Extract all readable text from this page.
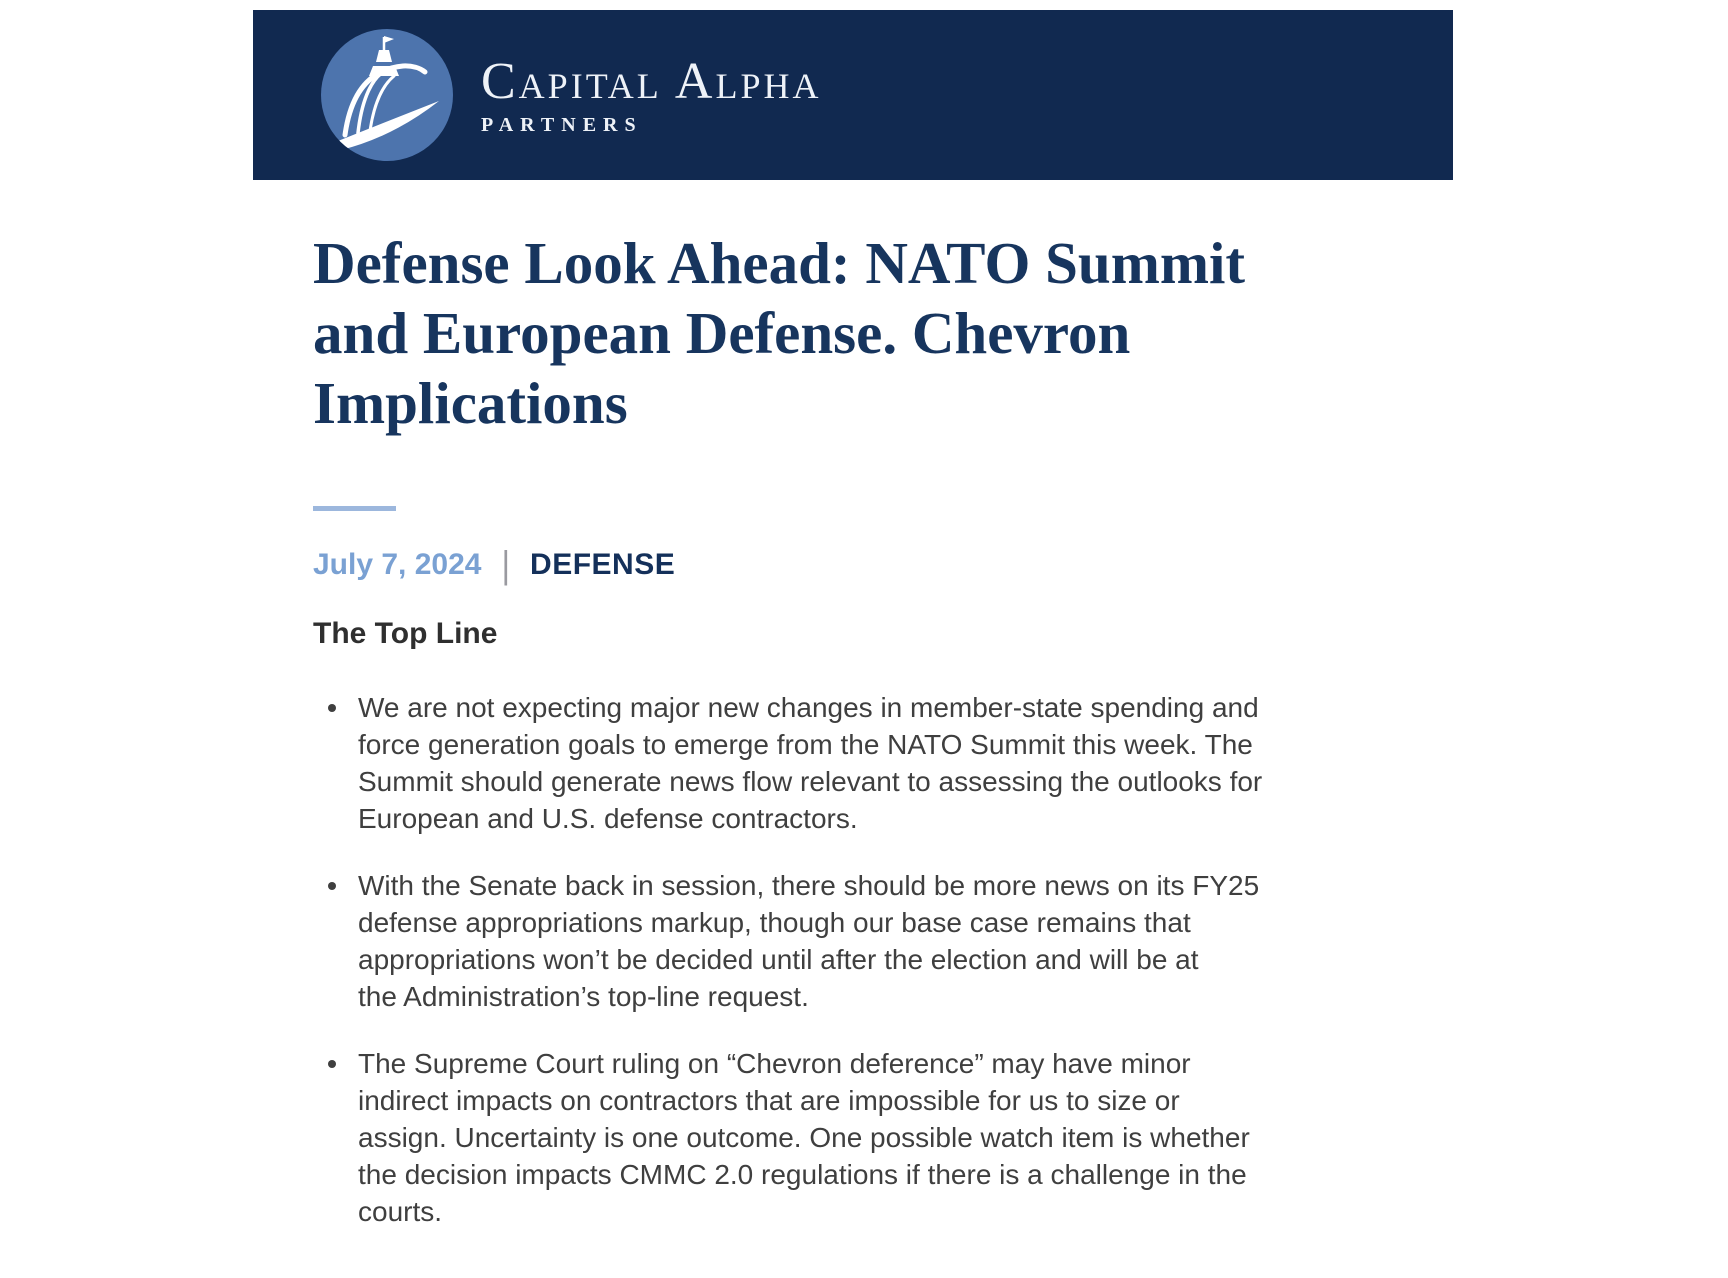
Capital Alpha
PARTNERS
Defense Look Ahead: NATO Summit and European Defense. Chevron Implications
July 7, 2024 | DEFENSE
The Top Line
We are not expecting major new changes in member-state spending and
force generation goals to emerge from the NATO Summit this week. The
Summit should generate news flow relevant to assessing the outlooks for
European and U.S. defense contractors.
With the Senate back in session, there should be more news on its FY25
defense appropriations markup, though our base case remains that
appropriations won’t be decided until after the election and will be at
the Administration’s top-line request.
The Supreme Court ruling on “Chevron deference” may have minor
indirect impacts on contractors that are impossible for us to size or
assign. Uncertainty is one outcome. One possible watch item is whether
the decision impacts CMMC 2.0 regulations if there is a challenge in the
courts.
